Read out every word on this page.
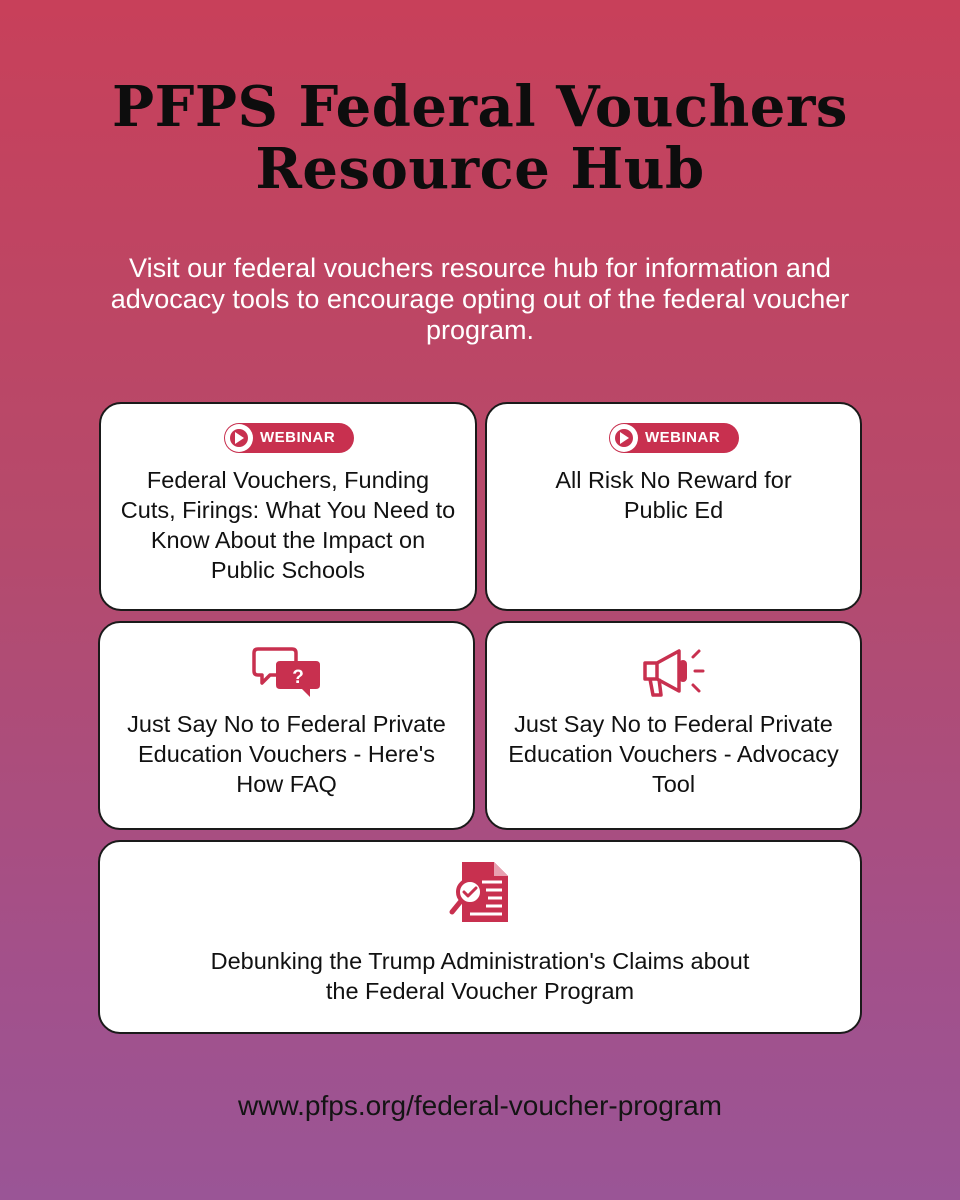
PFPS Federal Vouchers
Resource Hub
Visit our federal vouchers resource hub for information and advocacy tools to encourage opting out of the federal voucher program.
WEBINAR
Federal Vouchers, Funding Cuts, Firings: What You Need to Know About the Impact on Public Schools
WEBINAR
All Risk No Reward for Public Ed
?
Just Say No to Federal Private Education Vouchers - Here's How FAQ
Just Say No to Federal Private Education Vouchers - Advocacy Tool
Debunking the Trump Administration's Claims about the Federal Voucher Program
www.pfps.org/federal-voucher-program
